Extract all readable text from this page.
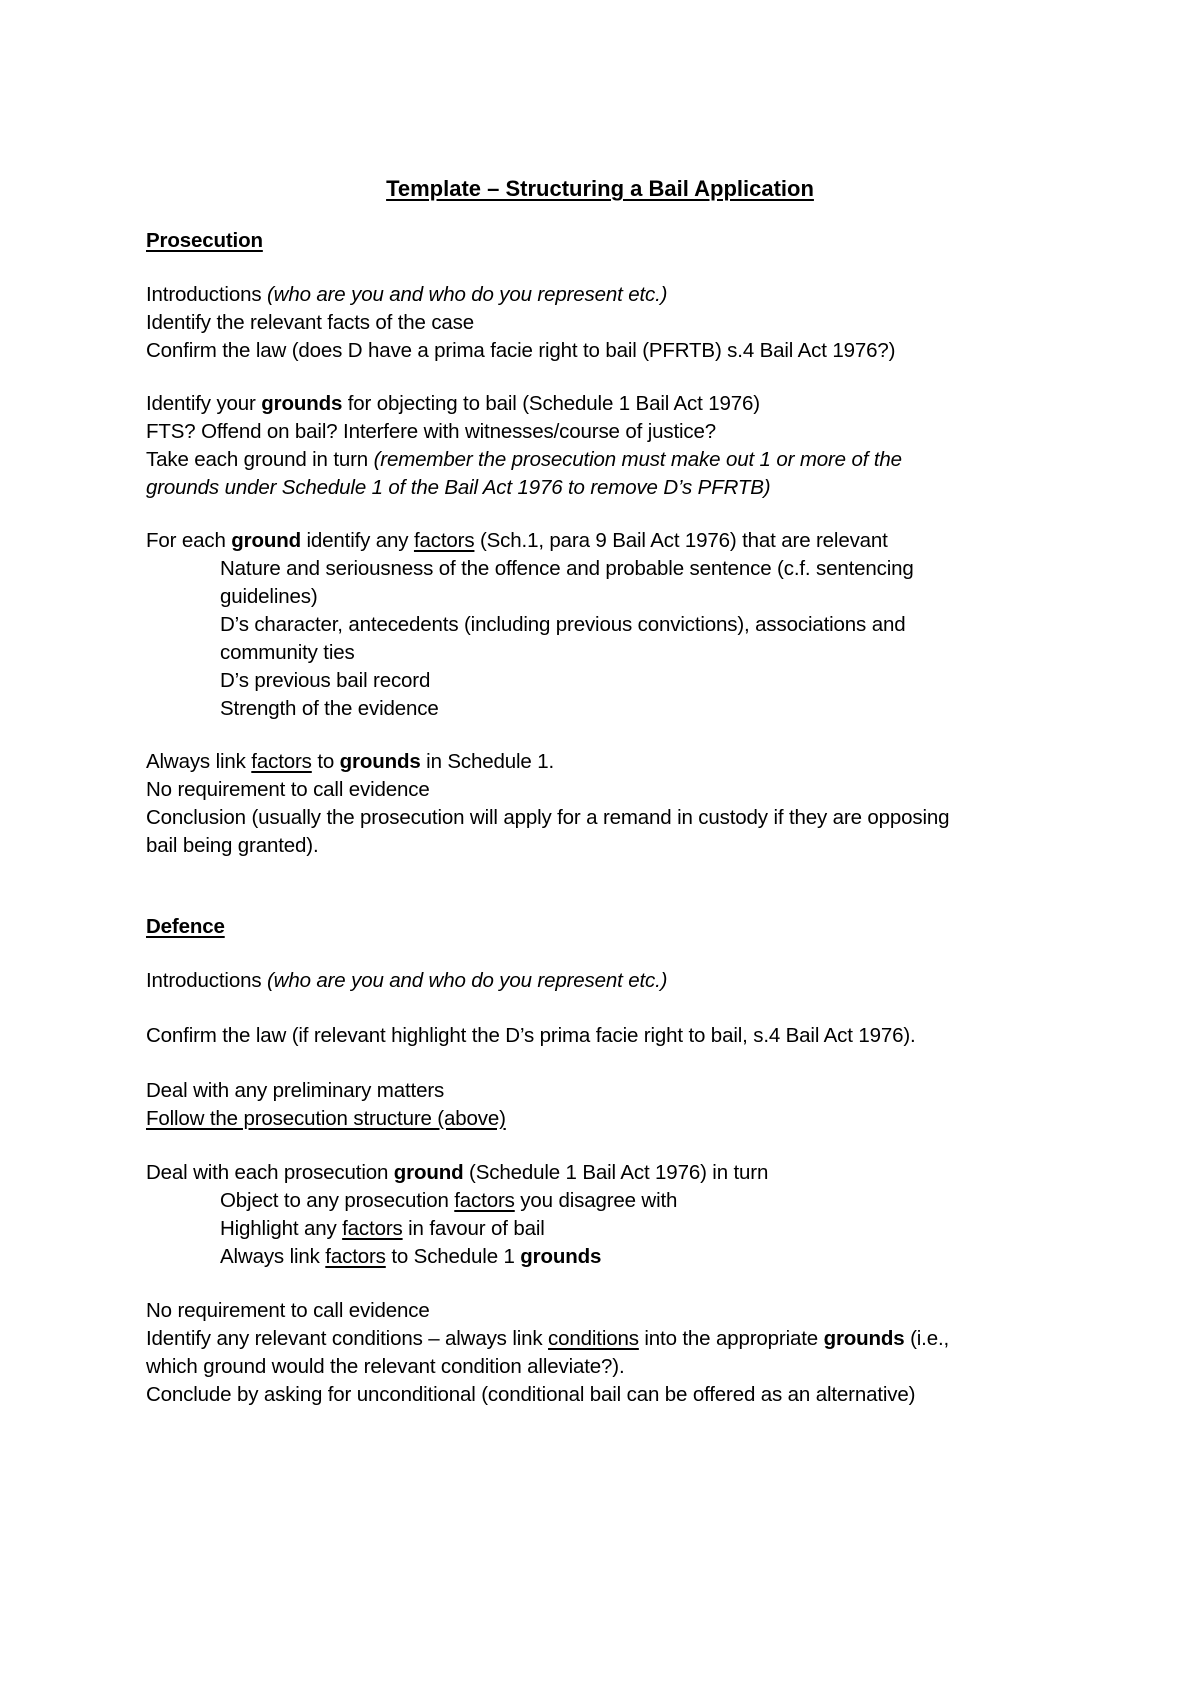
Template – Structuring a Bail Application
Prosecution
Introductions (who are you and who do you represent etc.)
Identify the relevant facts of the case
Confirm the law (does D have a prima facie right to bail (PFRTB) s.4 Bail Act 1976?)
Identify your grounds for objecting to bail (Schedule 1 Bail Act 1976)
FTS? Offend on bail? Interfere with witnesses/course of justice?
Take each ground in turn (remember the prosecution must make out 1 or more of the
grounds under Schedule 1 of the Bail Act 1976 to remove D’s PFRTB)
For each ground identify any factors (Sch.1, para 9 Bail Act 1976) that are relevant
Nature and seriousness of the offence and probable sentence (c.f. sentencing
guidelines)
D’s character, antecedents (including previous convictions), associations and
community ties
D’s previous bail record
Strength of the evidence
Always link factors to grounds in Schedule 1.
No requirement to call evidence
Conclusion (usually the prosecution will apply for a remand in custody if they are opposing
bail being granted).
Defence
Introductions (who are you and who do you represent etc.)
Confirm the law (if relevant highlight the D’s prima facie right to bail, s.4 Bail Act 1976).
Deal with any preliminary matters
Follow the prosecution structure (above)
Deal with each prosecution ground (Schedule 1 Bail Act 1976) in turn
Object to any prosecution factors you disagree with
Highlight any factors in favour of bail
Always link factors to Schedule 1 grounds
No requirement to call evidence
Identify any relevant conditions – always link conditions into the appropriate grounds (i.e.,
which ground would the relevant condition alleviate?).
Conclude by asking for unconditional (conditional bail can be offered as an alternative)
